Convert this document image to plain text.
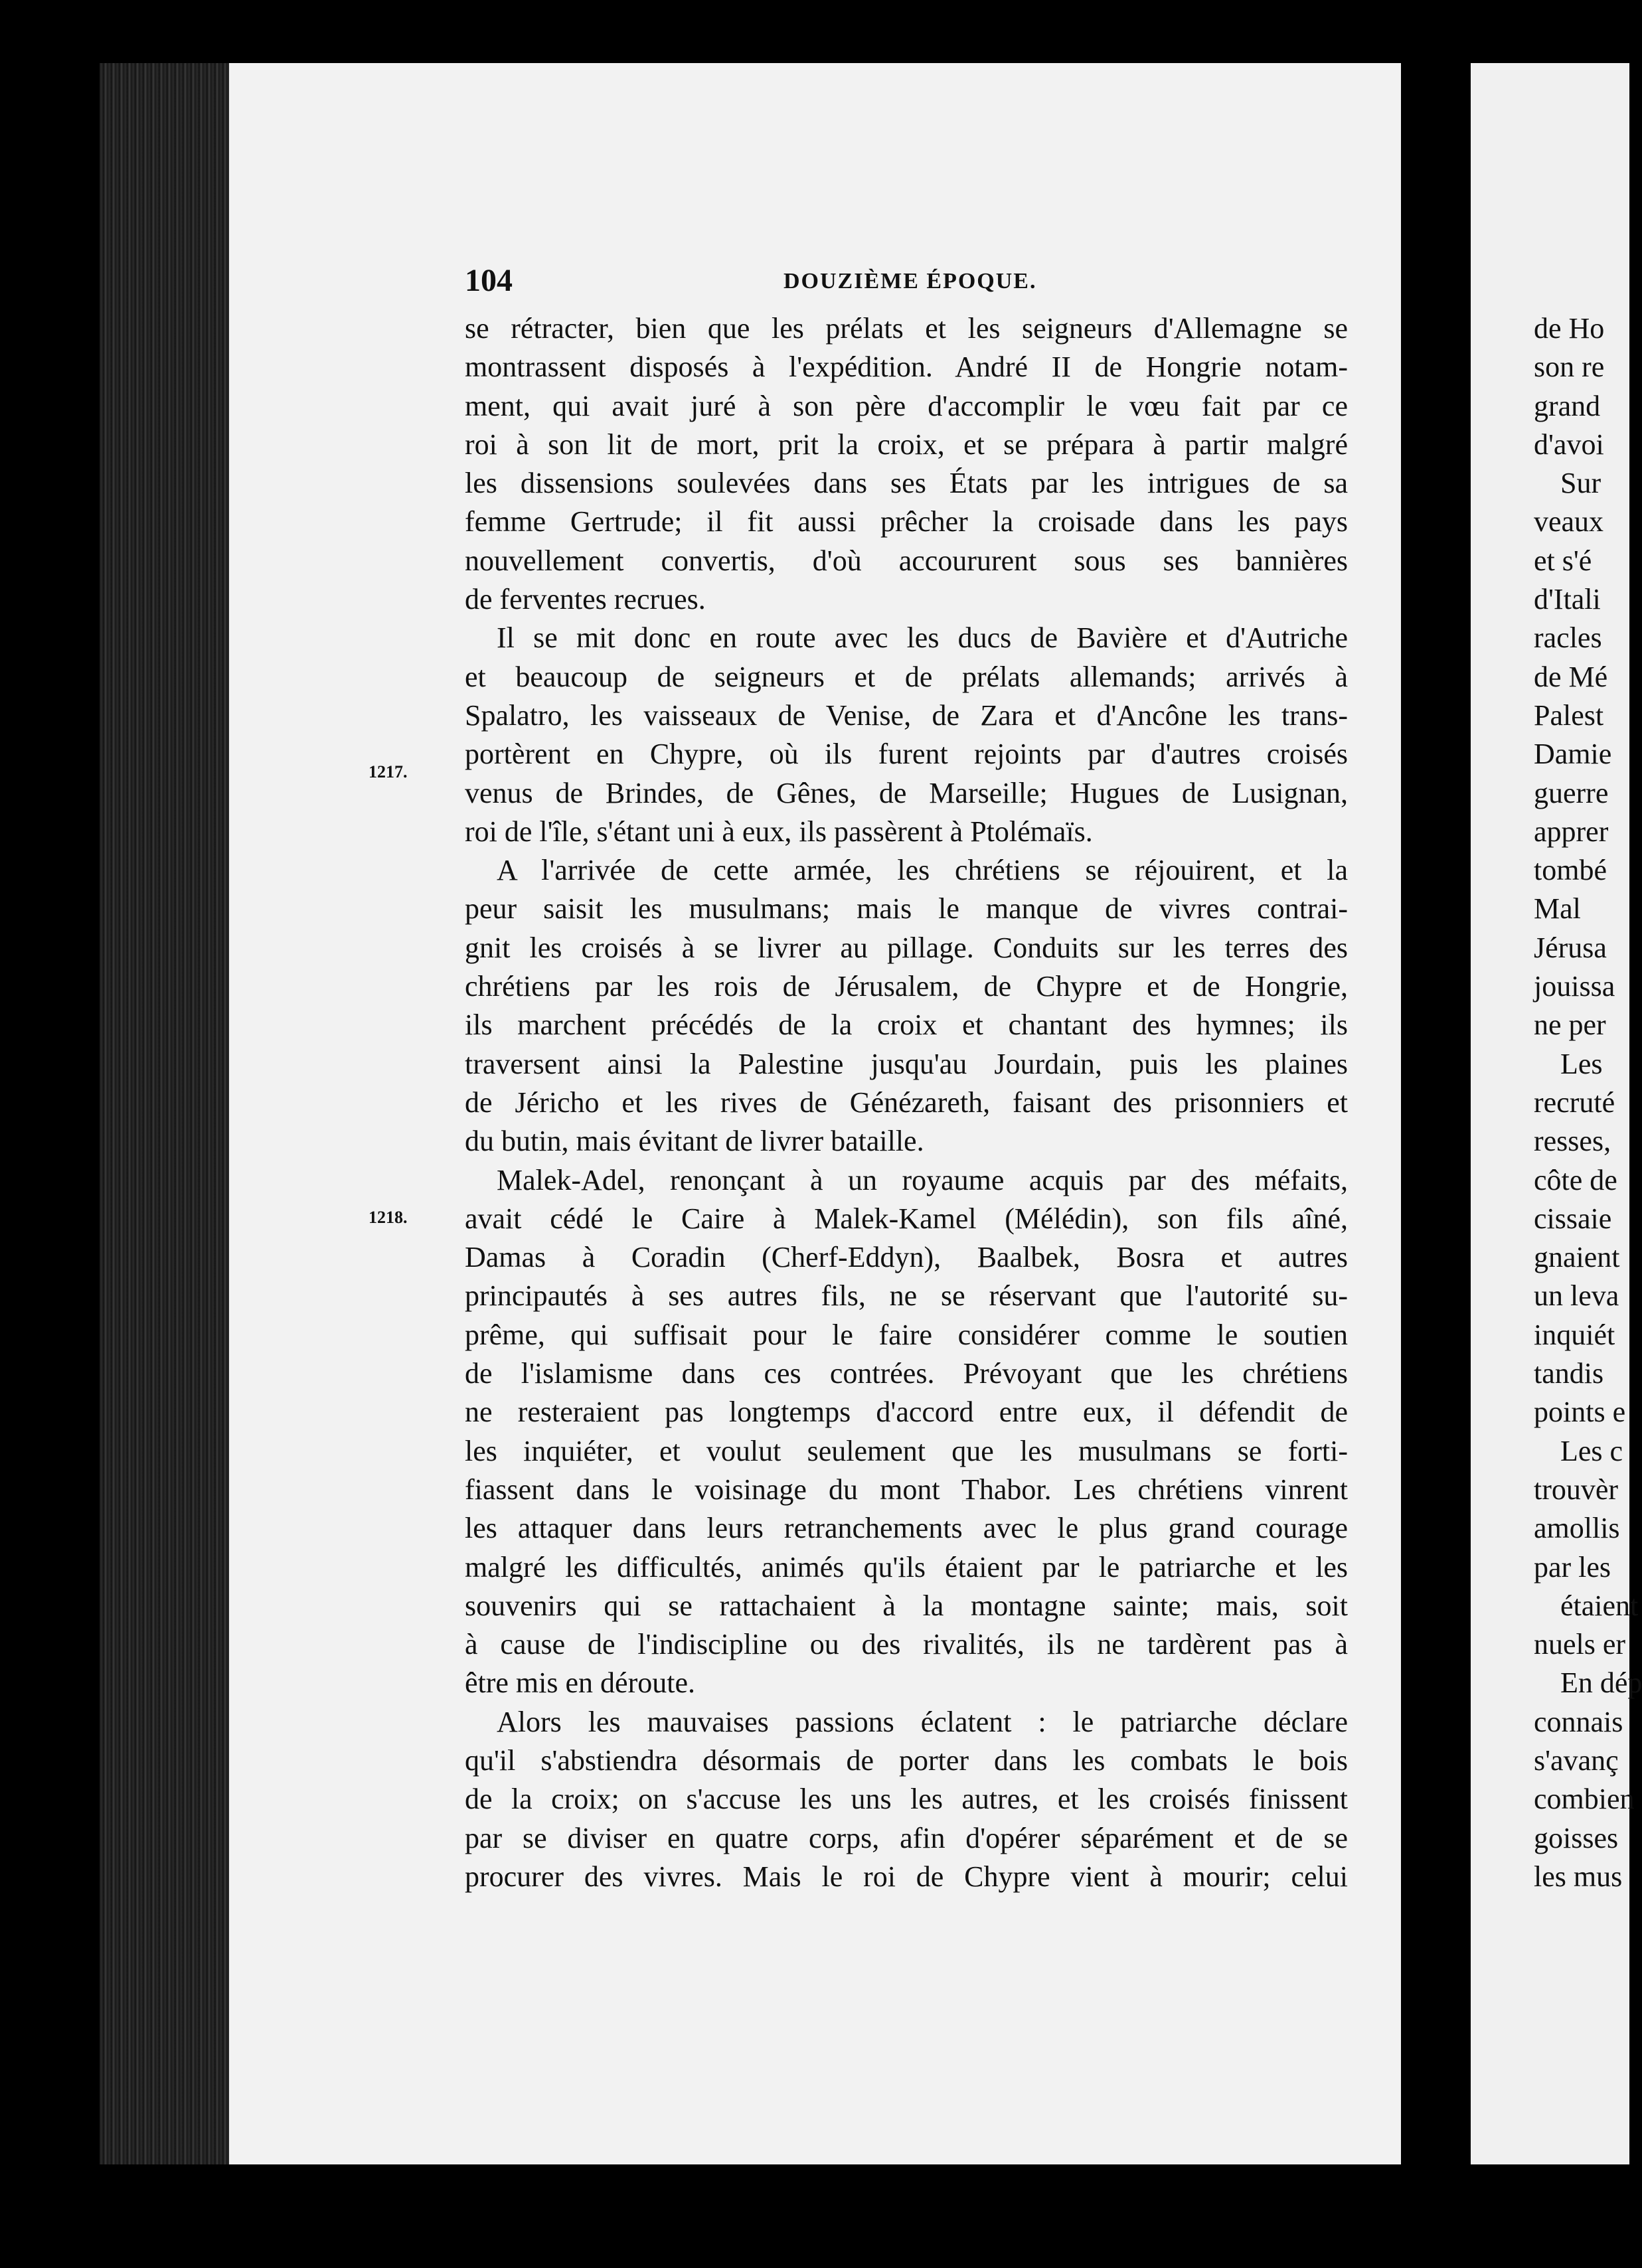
104	DOUZIÈME ÉPOQUE.
1217.
1218.
se rétracter, bien que les prélats et les seigneurs d'Allemagne se
montrassent disposés à l'expédition. André II de Hongrie notam-
ment, qui avait juré à son père d'accomplir le vœu fait par ce
roi à son lit de mort, prit la croix, et se prépara à partir malgré
les dissensions soulevées dans ses États par les intrigues de sa
femme Gertrude; il fit aussi prêcher la croisade dans les pays
nouvellement convertis, d'où accoururent sous ses bannières
de ferventes recrues.
Il se mit donc en route avec les ducs de Bavière et d'Autriche
et beaucoup de seigneurs et de prélats allemands; arrivés à
Spalatro, les vaisseaux de Venise, de Zara et d'Ancône les trans-
portèrent en Chypre, où ils furent rejoints par d'autres croisés
venus de Brindes, de Gênes, de Marseille; Hugues de Lusignan,
roi de l'île, s'étant uni à eux, ils passèrent à Ptolémaïs.
A l'arrivée de cette armée, les chrétiens se réjouirent, et la
peur saisit les musulmans; mais le manque de vivres contrai-
gnit les croisés à se livrer au pillage. Conduits sur les terres des
chrétiens par les rois de Jérusalem, de Chypre et de Hongrie,
ils marchent précédés de la croix et chantant des hymnes; ils
traversent ainsi la Palestine jusqu'au Jourdain, puis les plaines
de Jéricho et les rives de Génézareth, faisant des prisonniers et
du butin, mais évitant de livrer bataille.
Malek-Adel, renonçant à un royaume acquis par des méfaits,
avait cédé le Caire à Malek-Kamel (Mélédin), son fils aîné,
Damas à Coradin (Cherf-Eddyn), Baalbek, Bosra et autres
principautés à ses autres fils, ne se réservant que l'autorité su-
prême, qui suffisait pour le faire considérer comme le soutien
de l'islamisme dans ces contrées. Prévoyant que les chrétiens
ne resteraient pas longtemps d'accord entre eux, il défendit de
les inquiéter, et voulut seulement que les musulmans se forti-
fiassent dans le voisinage du mont Thabor. Les chrétiens vinrent
les attaquer dans leurs retranchements avec le plus grand courage
malgré les difficultés, animés qu'ils étaient par le patriarche et les
souvenirs qui se rattachaient à la montagne sainte; mais, soit
à cause de l'indiscipline ou des rivalités, ils ne tardèrent pas à
être mis en déroute.
Alors les mauvaises passions éclatent : le patriarche déclare
qu'il s'abstiendra désormais de porter dans les combats le bois
de la croix; on s'accuse les uns les autres, et les croisés finissent
par se diviser en quatre corps, afin d'opérer séparément et de se
procurer des vivres. Mais le roi de Chypre vient à mourir; celui
de Ho
son re
grand
d'avoi
Sur
veaux
et s'é
d'Itali
racles
de Mé
Palest
Damie
guerre
apprer
tombé
Mal
Jérusa
jouissa
ne per
Les
recruté
resses,
côte de
cissaie
gnaient
un leva
inquiét
tandis
points e
Les c
trouvèr
amollis
par les
étaient
nuels er
En dép
connais
s'avanç
combien
goisses
les mus
